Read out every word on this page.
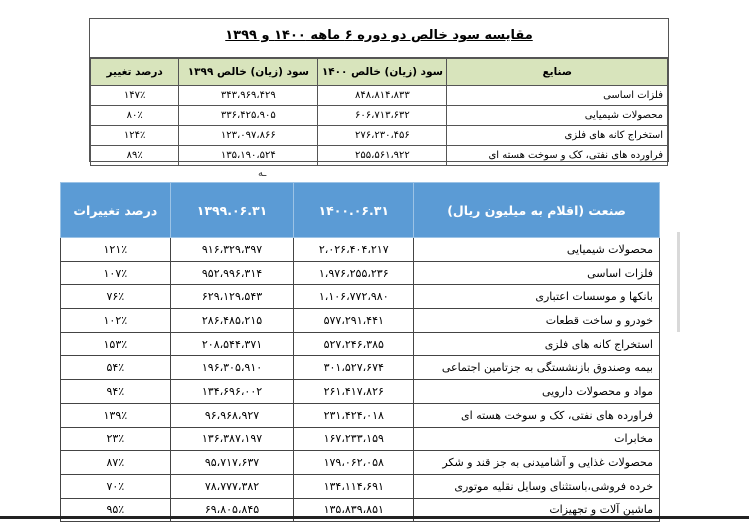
مقایسه سود خالص دو دوره ۶ ماهه ۱۴۰۰ و ۱۳۹۹
صنایع	سود (زیان) خالص ۱۴۰۰	سود (زیان) خالص ۱۳۹۹	درصد تغییر
فلزات اساسی	۸۴۸،۸۱۴،۸۳۳	۳۴۳،۹۶۹،۴۲۹	۱۴۷٪
محصولات شیمیایی	۶۰۶،۷۱۳،۶۳۲	۳۳۶،۴۲۵،۹۰۵	۸۰٪
استخراج کانه های فلزی	۲۷۶،۲۳۰،۴۵۶	۱۲۳،۰۹۷،۸۶۶	۱۲۴٪
فراورده های نفتی، کک و سوخت هسته ای	۲۵۵،۵۶۱،۹۲۲	۱۳۵،۱۹۰،۵۲۴	۸۹٪
ـه
صنعت (اقلام به میلیون ریال)	۱۴۰۰.۰۶.۳۱	۱۳۹۹.۰۶.۳۱	درصد تغییرات
محصولات شیمیایی	۲،۰۲۶،۴۰۴،۲۱۷	۹۱۶،۳۲۹،۳۹۷	۱۲۱٪
فلزات اساسی	۱،۹۷۶،۲۵۵،۲۳۶	۹۵۲،۹۹۶،۳۱۴	۱۰۷٪
بانکها و موسسات اعتباری	۱،۱۰۶،۷۷۲،۹۸۰	۶۲۹،۱۲۹،۵۴۳	۷۶٪
خودرو و ساخت قطعات	۵۷۷،۲۹۱،۴۴۱	۲۸۶،۴۸۵،۲۱۵	۱۰۲٪
استخراج کانه های فلزی	۵۲۷،۲۴۶،۳۸۵	۲۰۸،۵۴۴،۳۷۱	۱۵۳٪
بیمه وصندوق بازنشستگی به جزتامین اجتماعی	۳۰۱،۵۲۷،۶۷۴	۱۹۶،۳۰۵،۹۱۰	۵۴٪
مواد و محصولات دارویی	۲۶۱،۴۱۷،۸۲۶	۱۳۴،۶۹۶،۰۰۲	۹۴٪
فراورده های نفتی، کک و سوخت هسته ای	۲۳۱،۴۲۴،۰۱۸	۹۶،۹۶۸،۹۲۷	۱۳۹٪
مخابرات	۱۶۷،۲۳۳،۱۵۹	۱۳۶،۳۸۷،۱۹۷	۲۳٪
محصولات غذایی و آشامیدنی به جز قند و شکر	۱۷۹،۰۶۲،۰۵۸	۹۵،۷۱۷،۶۳۷	۸۷٪
خرده فروشی،باستثنای وسایل نقلیه موتوری	۱۳۴،۱۱۴،۶۹۱	۷۸،۷۷۷،۳۸۲	۷۰٪
ماشین آلات و تجهیزات	۱۳۵،۸۳۹،۸۵۱	۶۹،۸۰۵،۸۴۵	۹۵٪
